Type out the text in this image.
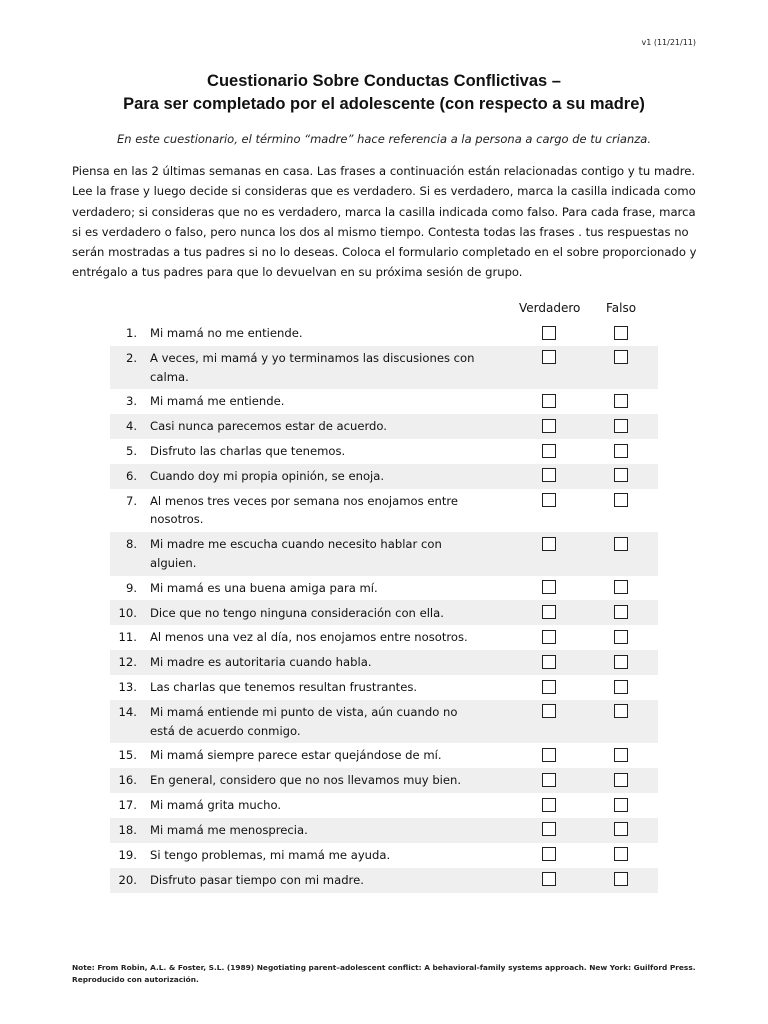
v1 (11/21/11)
Cuestionario Sobre Conductas Conflictivas –
Para ser completado por el adolescente (con respecto a su madre)
En este cuestionario, el término “madre” hace referencia a la persona a cargo de tu crianza.
Piensa en las 2 últimas semanas en casa. Las frases a continuación están relacionadas contigo y tu madre. Lee la frase y luego decide si consideras que es verdadero. Si es verdadero, marca la casilla indicada como verdadero; si consideras que no es verdadero, marca la casilla indicada como falso. Para cada frase, marca si es verdadero o falso, pero nunca los dos al mismo tiempo. Contesta todas las frases . tus respuestas no serán mostradas a tus padres si no lo deseas. Coloca el formulario completado en el sobre proporcionado y entrégalo a tus padres para que lo devuelvan en su próxima sesión de grupo.
Verdadero Falso
1.	Mi mamá no me entiende.
2.	A veces, mi mamá y yo terminamos las discusiones con calma.
3.	Mi mamá me entiende.
4.	Casi nunca parecemos estar de acuerdo.
5.	Disfruto las charlas que tenemos.
6.	Cuando doy mi propia opinión, se enoja.
7.	Al menos tres veces por semana nos enojamos entre nosotros.
8.	Mi madre me escucha cuando necesito hablar con alguien.
9.	Mi mamá es una buena amiga para mí.
10.	Dice que no tengo ninguna consideración con ella.
11.	Al menos una vez al día, nos enojamos entre nosotros.
12.	Mi madre es autoritaria cuando habla.
13.	Las charlas que tenemos resultan frustrantes.
14.	Mi mamá entiende mi punto de vista, aún cuando no está de acuerdo conmigo.
15.	Mi mamá siempre parece estar quejándose de mí.
16.	En general, considero que no nos llevamos muy bien.
17.	Mi mamá grita mucho.
18.	Mi mamá me menosprecia.
19.	Si tengo problemas, mi mamá me ayuda.
20.	Disfruto pasar tiempo con mi madre.
Note: From Robin, A.L. & Foster, S.L. (1989) Negotiating parent–adolescent conflict: A behavioral-family systems approach. New York: Guilford Press.
Reproducido con autorización.
